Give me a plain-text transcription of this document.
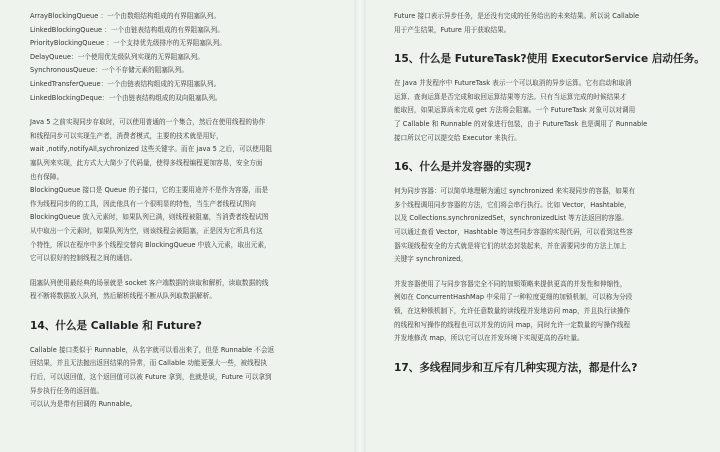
ArrayBlockingQueue ：一个由数组结构组成的有界阻塞队列。
LinkedBlockingQueue ：一个由链表结构组成的有界阻塞队列。
PriorityBlockingQueue ：一个支持优先级排序的无界阻塞队列。
DelayQueue：一个使用优先级队列实现的无界阻塞队列。
SynchronousQueue：一个不存储元素的阻塞队列。
LinkedTransferQueue：一个由链表结构组成的无界阻塞队列。
LinkedBlockingDeque：一个由链表结构组成的双向阻塞队列。
Java 5 之前实现同步存取时，可以使用普通的一个集合，然后在使用线程的协作
和线程同步可以实现生产者，消费者模式，主要的技术就是用好，
wait ,notify,notifyAll,sychronized 这些关键字。而在 java 5 之后，可以使用阻
塞队列来实现，此方式大大简少了代码量，使得多线程编程更加容易，安全方面
也有保障。
BlockingQueue 接口是 Queue 的子接口，它的主要用途并不是作为容器，而是
作为线程同步的的工具，因此他具有一个很明显的特性，当生产者线程试图向
BlockingQueue 放入元素时，如果队列已满，则线程被阻塞，当消费者线程试图
从中取出一个元素时，如果队列为空，则该线程会被阻塞，正是因为它所具有这
个特性，所以在程序中多个线程交替向 BlockingQueue 中放入元素，取出元素，
它可以很好的控制线程之间的通信。
阻塞队列使用最经典的场景就是 socket 客户端数据的读取和解析，读取数据的线
程不断将数据放入队列，然后解析线程不断从队列取数据解析。
14、什么是 Callable 和 Future?
Callable 接口类似于 Runnable，从名字就可以看出来了，但是 Runnable 不会返
回结果，并且无法抛出返回结果的异常，而 Callable 功能更强大一些，被线程执
行后，可以返回值，这个返回值可以被 Future 拿到，也就是说，Future 可以拿到
异步执行任务的返回值。
可以认为是带有回调的 Runnable。
Future 接口表示异步任务，是还没有完成的任务给出的未来结果。所以说 Callable
用于产生结果，Future 用于获取结果。
15、什么是 FutureTask?使用 ExecutorService 启动任务。
在 Java 并发程序中 FutureTask 表示一个可以取消的异步运算。它有启动和取消
运算、查询运算是否完成和取回运算结果等方法。只有当运算完成的时候结果才
能取回，如果运算尚未完成 get 方法将会阻塞。一个 FutureTask 对象可以对调用
了 Callable 和 Runnable 的对象进行包装，由于 FutureTask 也是调用了 Runnable
接口所以它可以提交给 Executor 来执行。
16、什么是并发容器的实现?
何为同步容器：可以简单地理解为通过 synchronized 来实现同步的容器，如果有
多个线程调用同步容器的方法，它们将会串行执行。比如 Vector，Hashtable，
以及 Collections.synchronizedSet，synchronizedList 等方法返回的容器。
可以通过查看 Vector，Hashtable 等这些同步容器的实现代码，可以看到这些容
器实现线程安全的方式就是将它们的状态封装起来，并在需要同步的方法上加上
关键字 synchronized。
并发容器使用了与同步容器完全不同的加锁策略来提供更高的并发性和伸缩性，
例如在 ConcurrentHashMap 中采用了一种粒度更细的加锁机制，可以称为分段
锁，在这种锁机制下，允许任意数量的读线程并发地访问 map，并且执行读操作
的线程和写操作的线程也可以并发的访问 map，同时允许一定数量的写操作线程
并发地修改 map，所以它可以在并发环境下实现更高的吞吐量。
17、多线程同步和互斥有几种实现方法，都是什么?
